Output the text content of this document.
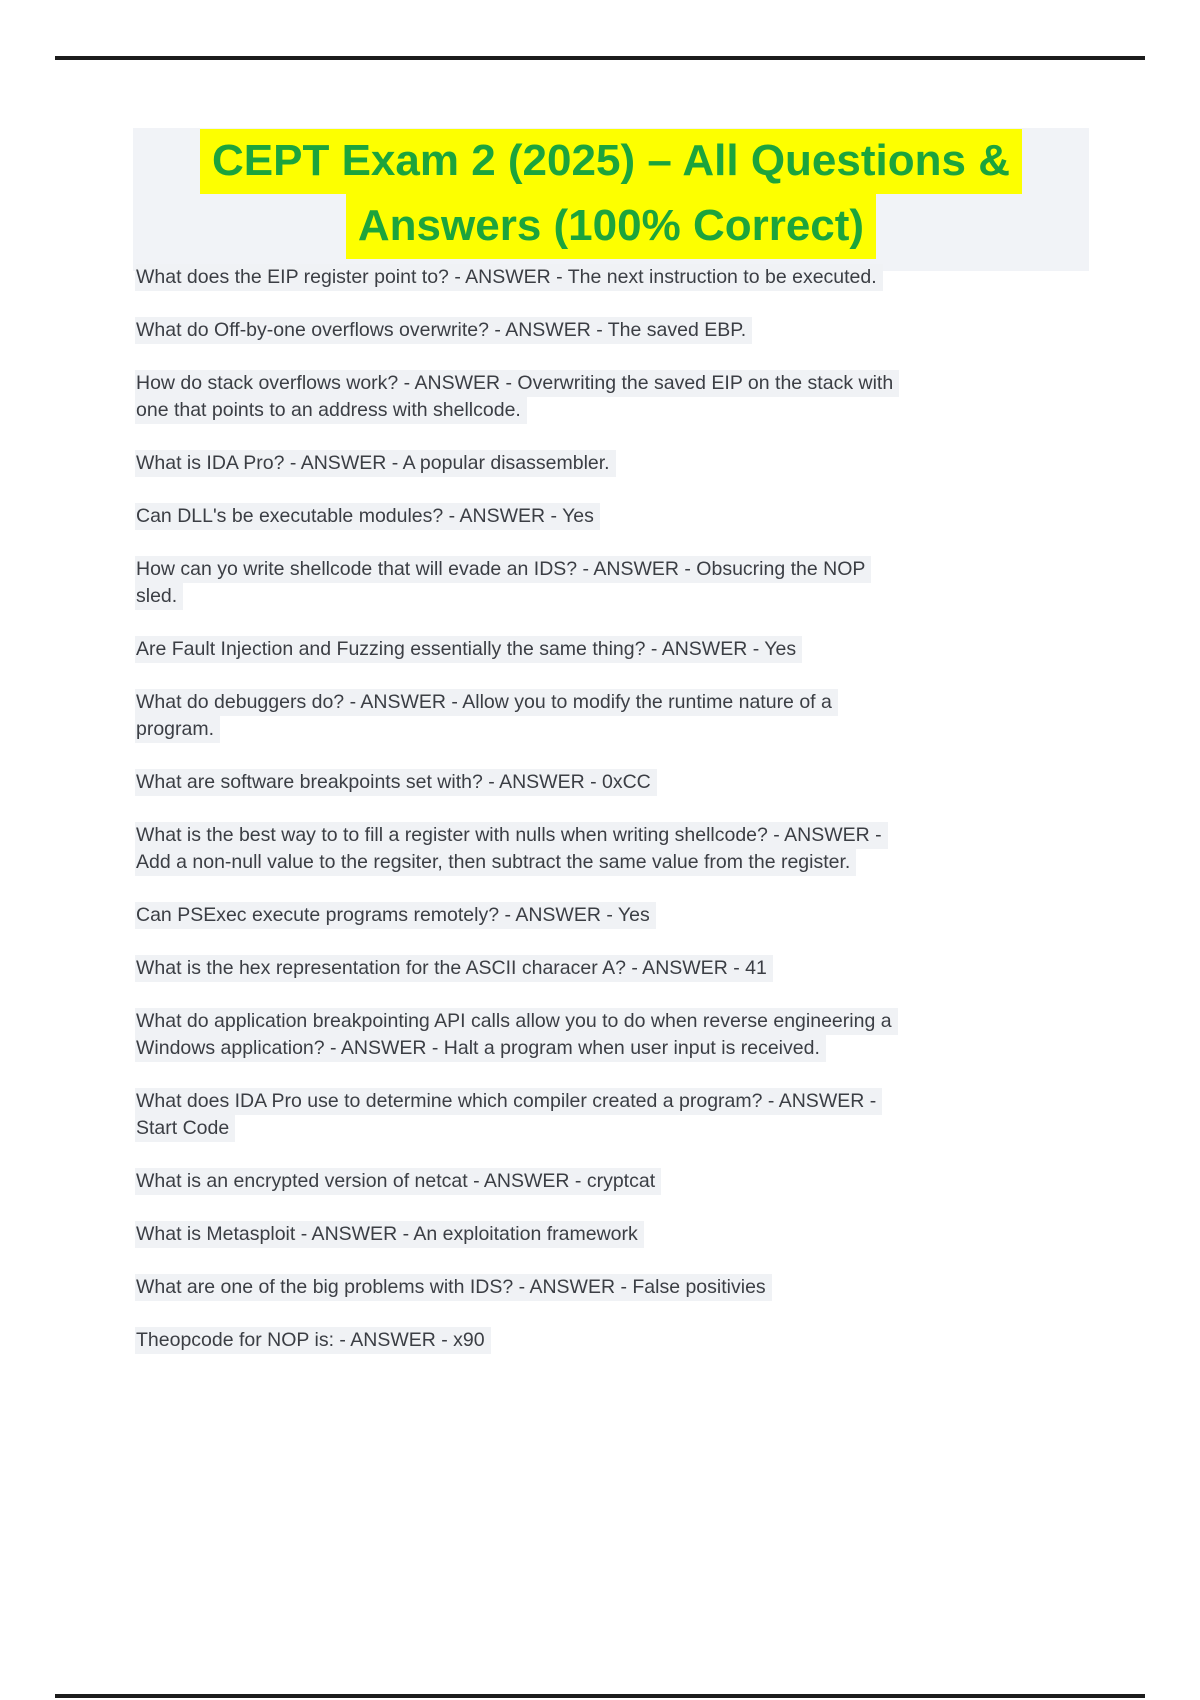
CEPT Exam 2 (2025) – All Questions &
Answers (100% Correct)
What does the EIP register point to? - ANSWER - The next instruction to be executed.
What do Off-by-one overflows overwrite? - ANSWER - The saved EBP.
How do stack overflows work? - ANSWER - Overwriting the saved EIP on the stack with
one that points to an address with shellcode.
What is IDA Pro? - ANSWER - A popular disassembler.
Can DLL's be executable modules? - ANSWER - Yes
How can yo write shellcode that will evade an IDS? - ANSWER - Obsucring the NOP
sled.
Are Fault Injection and Fuzzing essentially the same thing? - ANSWER - Yes
What do debuggers do? - ANSWER - Allow you to modify the runtime nature of a
program.
What are software breakpoints set with? - ANSWER - 0xCC
What is the best way to to fill a register with nulls when writing shellcode? - ANSWER -
Add a non-null value to the regsiter, then subtract the same value from the register.
Can PSExec execute programs remotely? - ANSWER - Yes
What is the hex representation for the ASCII characer A? - ANSWER - 41
What do application breakpointing API calls allow you to do when reverse engineering a
Windows application? - ANSWER - Halt a program when user input is received.
What does IDA Pro use to determine which compiler created a program? - ANSWER -
Start Code
What is an encrypted version of netcat - ANSWER - cryptcat
What is Metasploit - ANSWER - An exploitation framework
What are one of the big problems with IDS? - ANSWER - False positivies
Theopcode for NOP is: - ANSWER - x90
